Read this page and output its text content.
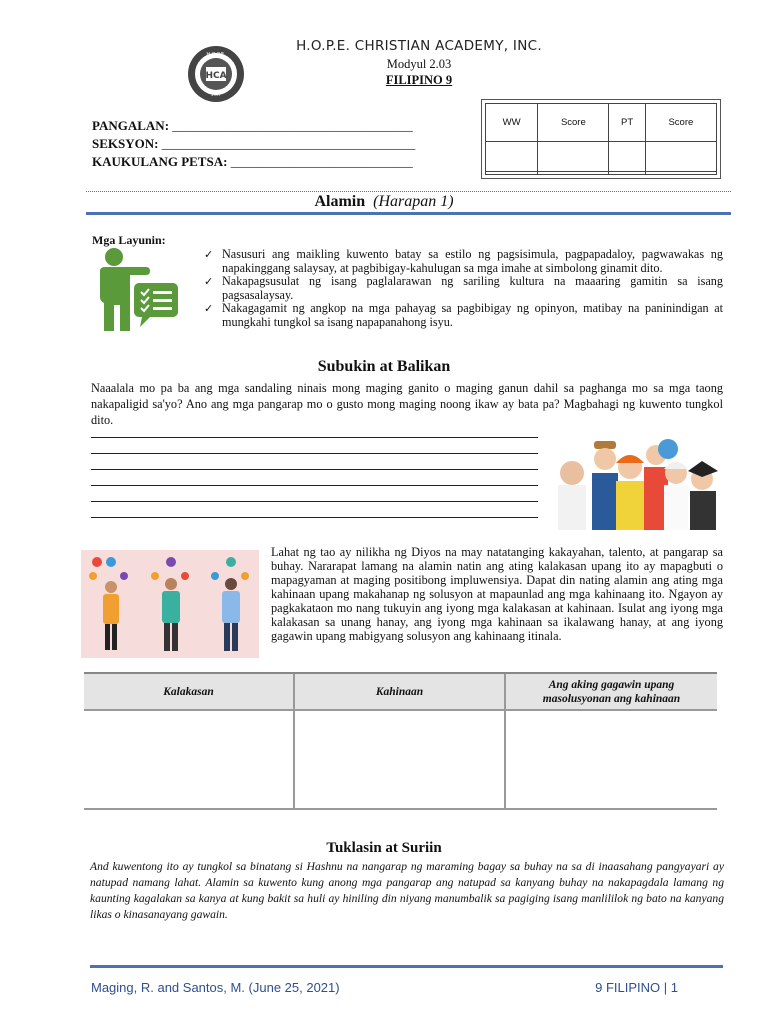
HCA
H.O.P.E.
1997
H.O.P.E. CHRISTIAN ACADEMY, INC.
Modyul 2.03
FILIPINO 9
WW	Score	PT	Score

PANGALAN: _____________________________________
SEKSYON: _______________________________________
KAUKULANG PETSA: ____________________________
Alamin (Harapan 1)
Mga Layunin:
✓ Nasusuri ang maikling kuwento batay sa estilo ng pagsisimula, pagpapadaloy, pagwawakas ng napakinggang salaysay, at pagbibigay-kahulugan sa mga imahe at simbolong ginamit dito.
✓ Nakapagsusulat ng isang paglalarawan ng sariling kultura na maaaring gamitin sa isang pagsasalaysay.
✓ Nakagagamit ng angkop na mga pahayag sa pagbibigay ng opinyon, matibay na paninindigan at mungkahi tungkol sa isang napapanahong isyu.
Subukin at Balikan
Naaalala mo pa ba ang mga sandaling ninais mong maging ganito o maging ganun dahil sa paghanga mo sa mga taong nakapaligid sa'yo? Ano ang mga pangarap mo o gusto mong maging noong ikaw ay bata pa? Magbahagi ng kuwento tungkol dito.
Lahat ng tao ay nilikha ng Diyos na may natatanging kakayahan, talento, at pangarap sa buhay. Nararapat lamang na alamin natin ang ating kalakasan upang ito ay mapagbuti o mapagyaman at maging positibong impluwensiya. Dapat din nating alamin ang ating mga kahinaan upang makahanap ng solusyon at mapaunlad ang mga kahinaang ito. Ngayon ay pagkakataon mo nang tukuyin ang iyong mga kalakasan at kahinaan. Isulat ang iyong mga kalakasan sa unang hanay, ang iyong mga kahinaan sa ikalawang hanay, at ang iyong gagawin upang mabigyang solusyon ang kahinaang itinala.
Kalakasan	Kahinaan	Ang aking gagawin upang masolusyonan ang kahinaan

Tuklasin at Suriin
And kuwentong ito ay tungkol sa binatang si Hashnu na nangarap ng maraming bagay sa buhay na sa di inaasahang pangyayari ay natupad namang lahat. Alamin sa kuwento kung anong mga pangarap ang natupad sa kanyang buhay na nakapagdala lamang ng kaunting kagalakan sa kanya at kung bakit sa huli ay hiniling din niyang manumbalik sa pagiging isang manlililok ng bato na kanyang likas o kinasanayang gawain.
Maging, R. and Santos, M. (June 25, 2021)	9 FILIPINO | 1
